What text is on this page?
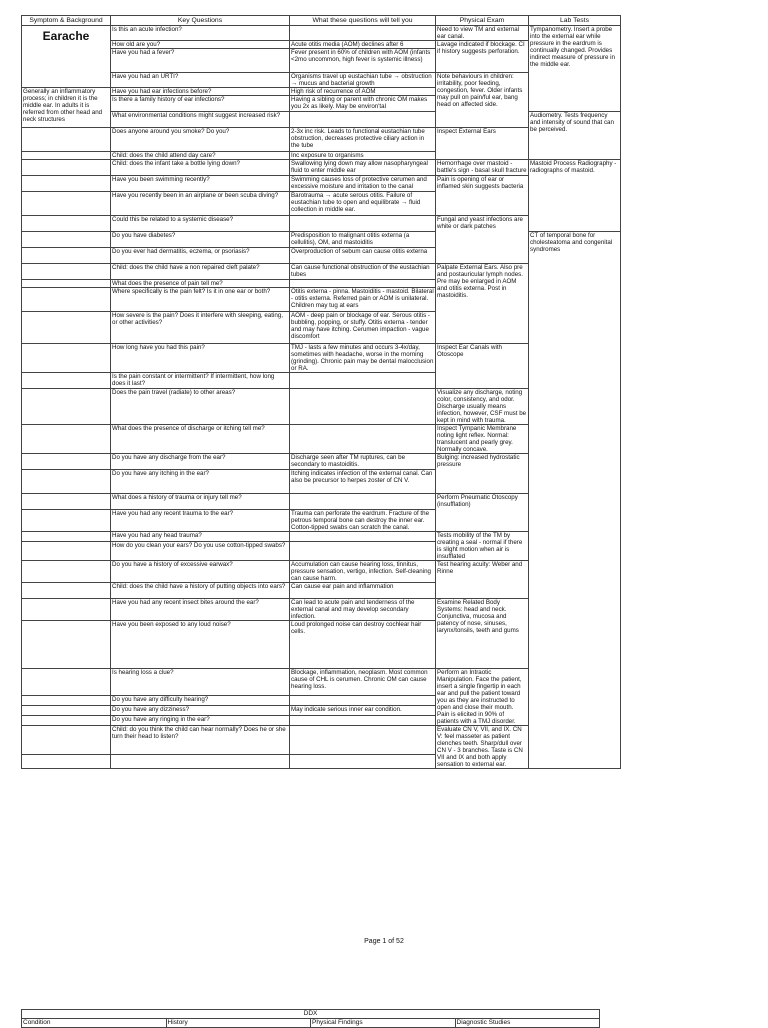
Symptom & Background	Key Questions	What these questions will tell you	Physical Exam	Lab Tests

Earache	Is this an acute infection?		Need to view TM and external ear canal.	Tympanometry. Insert a probe into the external ear while pressure in the eardrum is continually changed. Provides indirect measure of pressure in the middle ear.
	How old are you?	Acute otitis media (AOM) declines after 6	Lavage indicated if blockage. CI if history suggests perforation.	
	Have you had a fever?	Fever present in 60% of children with AOM (infants <2mo uncommon, high fever is systemic illness)		
	Have you had an URTI?	Organisms travel up eustachian tube → obstruction → mucus and bacterial growth	Note behaviours in children: irritability, poor feeding, congestion, fever. Older infants may pull on pain/ful ear, bang head on affected side.	
Generally an inflammatory process; in children it is the middle ear. In adults it is referred from other head and neck structures	Have you had ear infections before?	High risk of recurrence of AOM		
	Is there a family history of ear infections?	Having a sibling or parent with chronic OM makes you 2x as likely. May be environ'tal		
	What environmental conditions might suggest increased risk?			Audiometry. Tests frequency and intensity of sound that can be perceived.
	Does anyone around you smoke? Do you?	2-3x inc risk. Leads to functional eustachian tube obstruction, decreases protective ciliary action in the tube	Inspect External Ears	
	Child: does the child attend day care?	Inc exposure to organisms		
	Child: does the infant take a bottle lying down?	Swallowing lying down may allow nasopharyngeal fluid to enter middle ear	Hemorrhage over mastoid - battle's sign - basal skull fracture	Mastoid Process Radiography - radiographs of mastoid.
	Have you been swimming recently?	Swimming causes loss of protective cerumen and excessive moisture and irritation to the canal	Pain is opening of ear or inflamed skin suggests bacteria	
	Have you recently been in an airplane or been scuba diving?	Barotrauma → acute serous otitis. Failure of eustachian tube to open and equilibrate → fluid collection in middle ear.		
	Could this be related to a systemic disease?		Fungal and yeast infections are white or dark patches	
	Do you have diabetes?	Predisposition to malignant otitis externa (a cellulitis), OM, and mastoiditis		CT of temporal bone for cholesteatoma and congenital syndromes
	Do you ever had dermatitis, eczema, or psoriasis?	Overproduction of sebum can cause otitis externa		
	Child: does the child have a non repaired cleft palate?	Can cause functional obstruction of the eustachian tubes	Palpate External Ears. Also pre and postauricular lymph nodes. Pre may be enlarged in AOM and otitis externa. Post in mastoiditis.	
	What does the presence of pain tell me?			
	Where specifically is the pain felt? Is it in one ear or both?	Otitis externa - pinna. Mastoiditis - mastoid. Bilateral - otitis externa. Referred pain or AOM is unilateral. Children may tug at ears		
	How severe is the pain? Does it interfere with sleeping, eating, or other activities?	AOM - deep pain or blockage of ear. Serous otitis - bubbling, popping, or stuffy. Otitis externa - tender and may have itching. Cerumen impaction - vague discomfort		
	How long have you had this pain?	TMJ - lasts a few minutes and occurs 3-4x/day, sometimes with headache, worse in the morning (grinding). Chronic pain may be dental malocclusion or RA.	Inspect Ear Canals with Otoscope	
	Is the pain constant or intermittent? If intermittent, how long does it last?			
	Does the pain travel (radiate) to other areas?		Visualize any discharge, noting color, consistency, and odor. Discharge usually means infection, however, CSF must be kept in mind with trauma.	
	What does the presence of discharge or itching tell me?		Inspect Tympanic Membrane noting light reflex. Normal: translucent and pearly grey. Normally concave.	
	Do you have any discharge from the ear?	Discharge seen after TM ruptures, can be secondary to mastoiditis.	Bulging: increased hydrostatic pressure	
	Do you have any itching in the ear?	Itching indicates infection of the external canal. Can also be precursor to herpes zoster of CN V.		
	What does a history of trauma or injury tell me?		Perform Pneumatic Otoscopy (insufflation)	
	Have you had any recent trauma to the ear?	Trauma can perforate the eardrum. Fracture of the petrous temporal bone can destroy the inner ear. Cotton-tipped swabs can scratch the canal.		
	Have you had any head trauma?		Tests mobility of the TM by creating a seal - normal if there is slight motion when air is insufflated	
	How do you clean your ears? Do you use cotton-tipped swabs?			
	Do you have a history of excessive earwax?	Accumulation can cause hearing loss, tinnitus, pressure sensation, vertigo, infection. Self-cleaning can cause harm.	Test hearing acuity: Weber and Rinne	
	Child: does the child have a history of putting objects into ears?	Can cause ear pain and inflammation		
	Have you had any recent insect bites around the ear?	Can lead to acute pain and tenderness of the external canal and may develop secondary infection.	Examine Related Body Systems: head and neck. Conjunctiva, mucosa and patency of nose, sinuses, larynx/tonsils, teeth and gums	
	Have you been exposed to any loud noise?	Loud prolonged noise can destroy cochlear hair cells.		
	Is hearing loss a clue?	Blockage, inflammation, neoplasm. Most common cause of CHL is cerumen. Chronic OM can cause hearing loss.	Perform an Intraotic Manipulation. Face the patient, insert a single fingertip in each ear and pull the patient toward you as they are instructed to open and close their mouth. Pain is elicited in 90% of patients with a TMJ disorder.	
	Do you have any difficulty hearing?			
	Do you have any dizziness?	May indicate serious inner ear condition.		
	Do you have any ringing in the ear?			
	Child: do you think the child can hear normally? Does he or she turn their head to listen?		Evaluate CN V, VII, and IX. CN V: feel masseter as patient clenches teeth. Sharp/dull over CN V - 3 branches. Taste is CN VII and IX and both apply sensation to external ear.	

Page 1 of 52
DDX
Condition	History	Physical Findings	Diagnostic Studies
